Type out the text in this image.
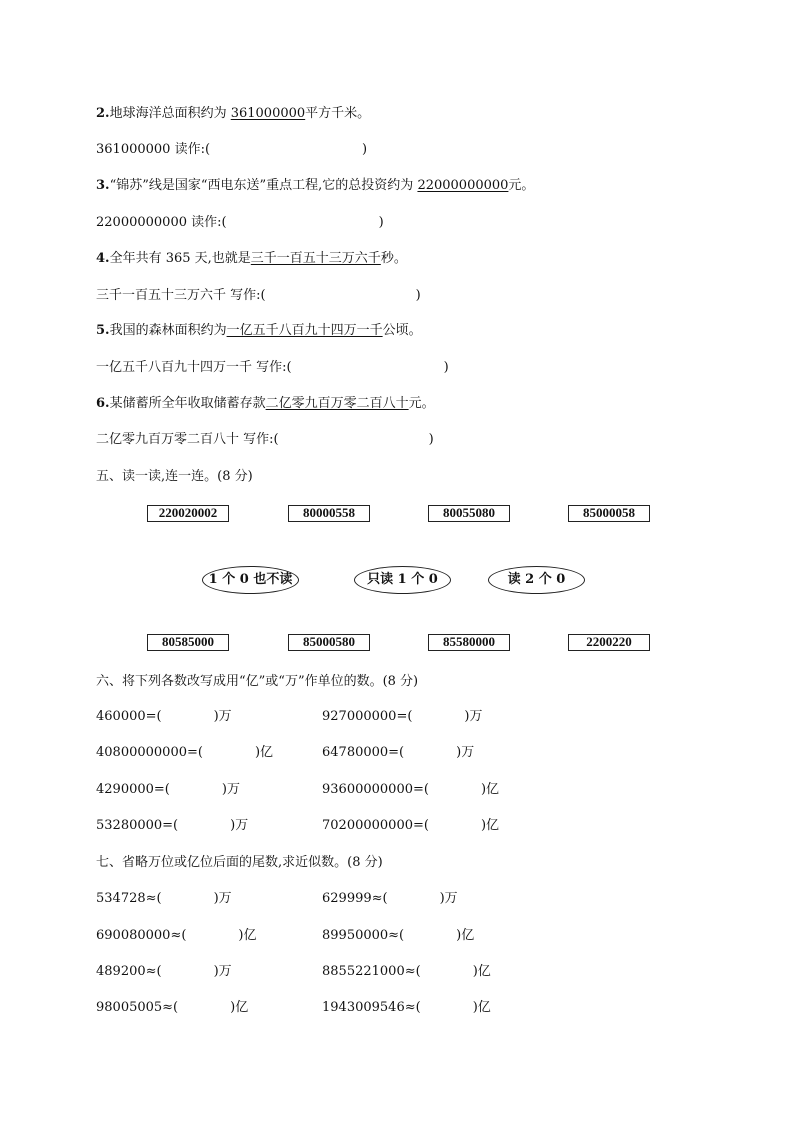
2.地球海洋总面积约为 361000000平方千米。
361000000 读作:(	)
3.“锦苏”线是国家“西电东送”重点工程,它的总投资约为 22000000000元。
22000000000 读作:(	)
4.全年共有 365 天,也就是三千一百五十三万六千秒。
三千一百五十三万六千 写作:(	)
5.我国的森林面积约为一亿五千八百九十四万一千公顷。
一亿五千八百九十四万一千 写作:(	)
6.某储蓄所全年收取储蓄存款二亿零九百万零二百八十元。
二亿零九百万零二百八十 写作:(	)
五、读一读,连一连。(8 分)
220020002	80000558	80055080	85000058
1 个 0 也不读	只读 1 个 0	读 2 个 0
80585000	85000580	85580000	2200220
六、将下列各数改写成用“亿”或“万”作单位的数。(8 分)
460000=(	)万	927000000=(	)万
40800000000=(	)亿	64780000=(	)万
4290000=(	)万	93600000000=(	)亿
53280000=(	)万	70200000000=(	)亿
七、省略万位或亿位后面的尾数,求近似数。(8 分)
534728≈(	)万	629999≈(	)万
690080000≈(	)亿	89950000≈(	)亿
489200≈(	)万	8855221000≈(	)亿
98005005≈(	)亿	1943009546≈(	)亿
